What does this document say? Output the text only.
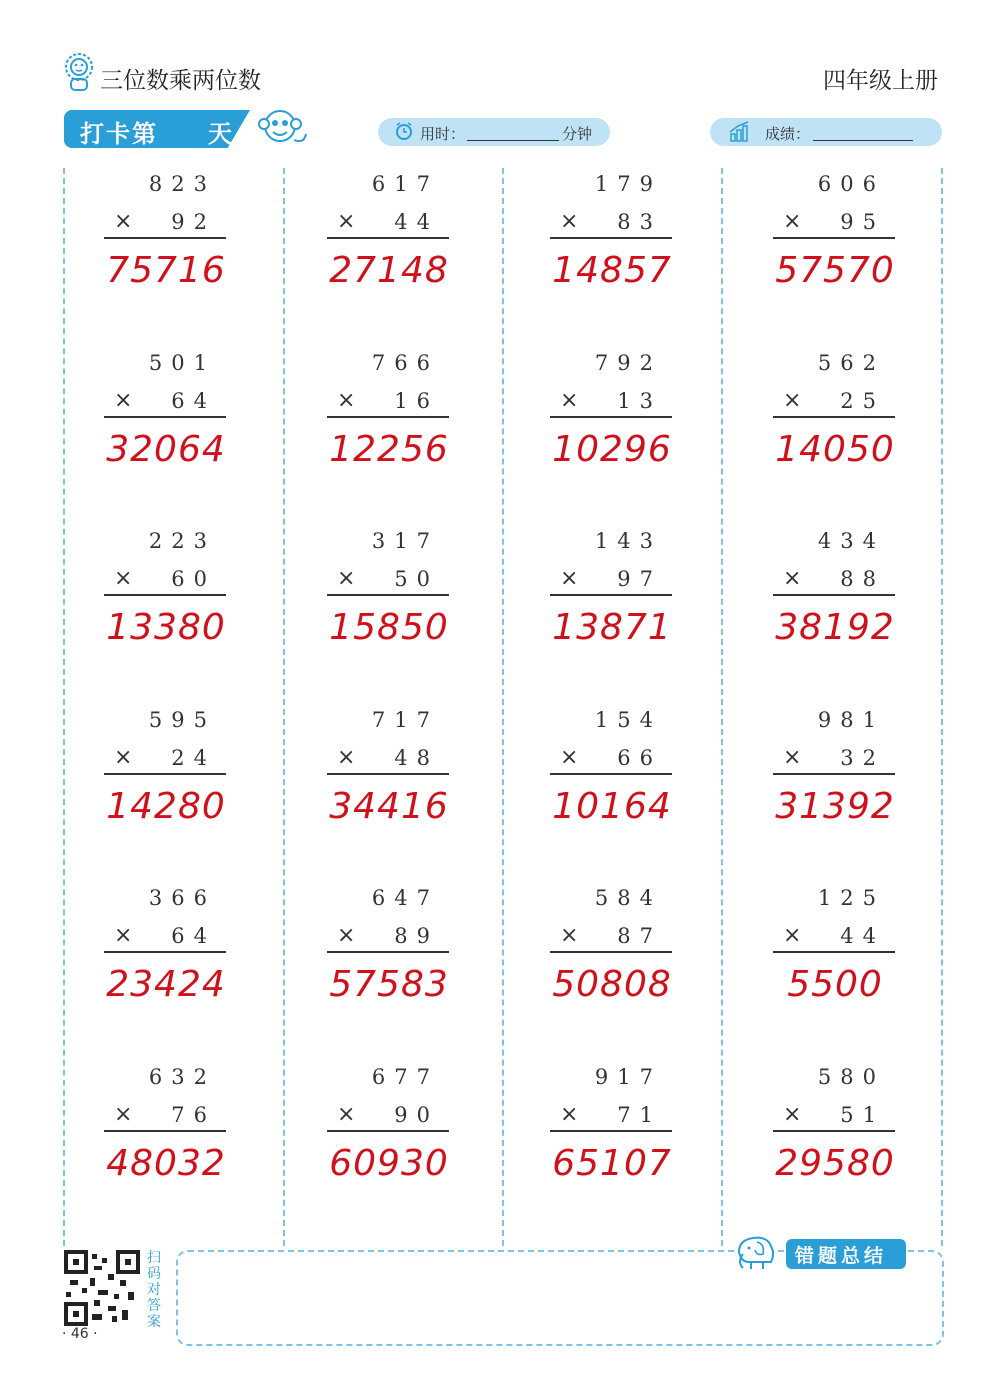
三位数乘两位数	四年级上册
打卡第 天	用时：	分钟	成绩：
823
×	92
75716
617
×	44
27148
179
×	83
14857
606
×	95
57570
501
×	64
32064
766
×	16
12256
792
×	13
10296
562
×	25
14050
223
×	60
13380
317
×	50
15850
143
×	97
13871
434
×	88
38192
595
×	24
14280
717
×	48
34416
154
×	66
10164
981
×	32
31392
366
×	64
23424
647
×	89
57583
584
×	87
50808
125
×	44
5500
632
×	76
48032
677
×	90
60930
917
×	71
65107
580
×	51
29580
扫码对答案
· 46 ·
错题总结
